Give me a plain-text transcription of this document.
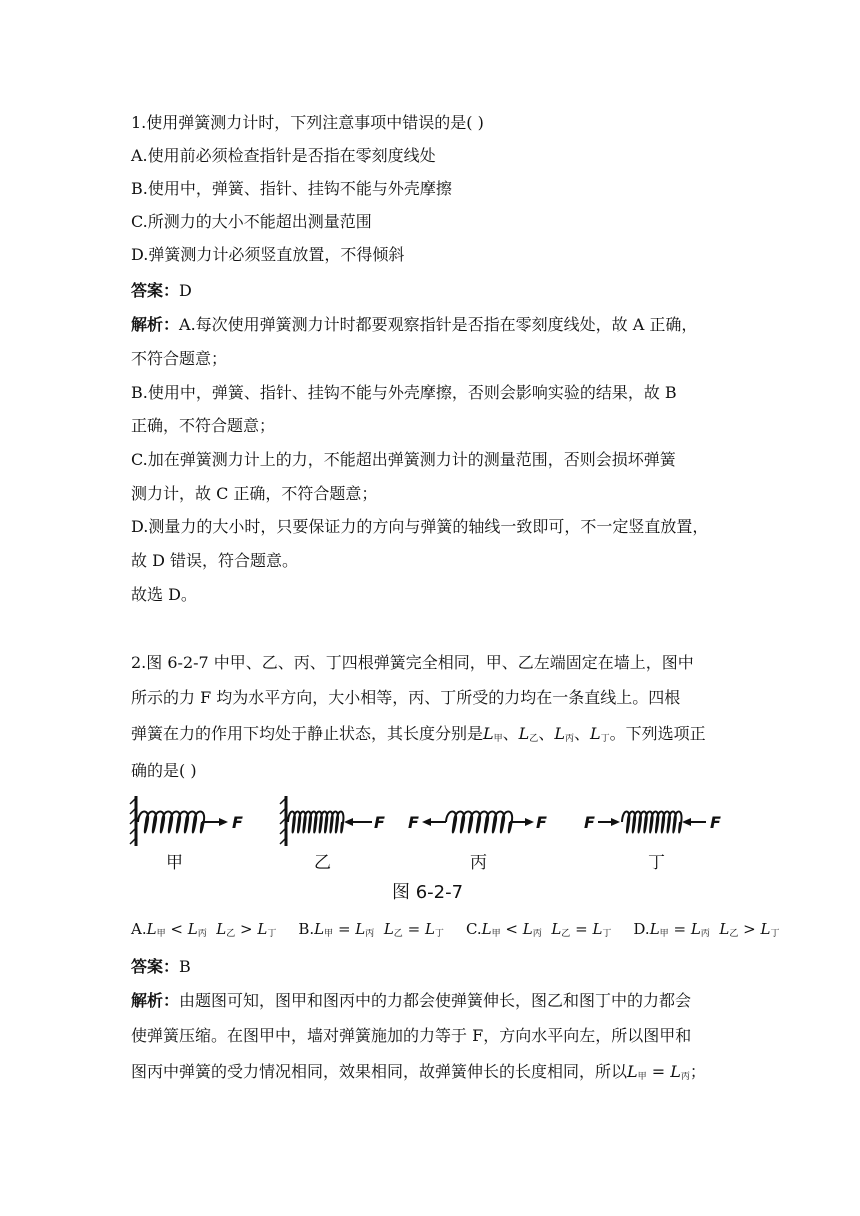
1.使用弹簧测力计时，下列注意事项中错误的是( )
A.使用前必须检查指针是否指在零刻度线处
B.使用中，弹簧、指针、挂钩不能与外壳摩擦
C.所测力的大小不能超出测量范围
D.弹簧测力计必须竖直放置，不得倾斜
答案：D
解析：A.每次使用弹簧测力计时都要观察指针是否指在零刻度线处，故 A 正确，
不符合题意；
B.使用中，弹簧、指针、挂钩不能与外壳摩擦，否则会影响实验的结果，故 B
正确，不符合题意；
C.加在弹簧测力计上的力，不能超出弹簧测力计的测量范围，否则会损坏弹簧
测力计，故 C 正确，不符合题意；
D.测量力的大小时，只要保证力的方向与弹簧的轴线一致即可，不一定竖直放置，
故 D 错误，符合题意。
故选 D。
2.图 6-2-7 中甲、乙、丙、丁四根弹簧完全相同，甲、乙左端固定在墙上，图中
所示的力 F 均为水平方向，大小相等，丙、丁所受的力均在一条直线上。四根
弹簧在力的作用下均处于静止状态，其长度分别是$L_甲$、$L_乙$、$L_丙$、$L_丁$。下列选项正
确的是( )
F	F F	F F	F
甲	乙	丙	丁
图 6-2-7
$A.L_甲 < L_丙$ $L_乙 > L_丁$ $B.L_甲 = L_丙$ $L_乙 = L_丁$ $C.L_甲 < L_丙$ $L_乙 = L_丁$ $D.L_甲 = L_丙$ $L_乙 > L_丁$
答案：B
解析：由题图可知，图甲和图丙中的力都会使弹簧伸长，图乙和图丁中的力都会
使弹簧压缩。在图甲中，墙对弹簧施加的力等于 F，方向水平向左，所以图甲和
图丙中弹簧的受力情况相同，效果相同，故弹簧伸长的长度相同，所以$L_甲 = L_丙$；
